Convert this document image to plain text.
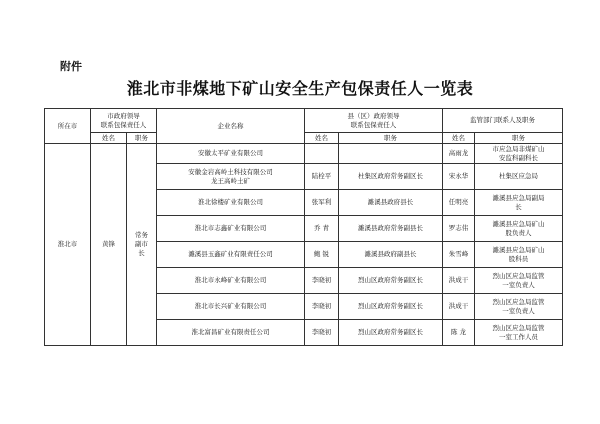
附件
淮北市非煤地下矿山安全生产包保责任人一览表
所在市	市政府领导
联系包保责任人		企业名称	县（区）政府领导
联系包保责任人		监管部门联系人及职务	
	姓名	职务		姓名	职务	姓名	职务
淮北市	黄锋	常务副市长	安徽太平矿业有限公司			高雨龙	市应急局非煤矿山
安监科副科长

			安徽金岩高岭土科技有限公司
龙王高岭土矿	陆栓平	杜集区政府常务副区长	宋永华	杜集区应急局

			淮北徐楼矿业有限公司	张军利	濉溪县政府县长	任明亮	濉溪县应急局副局
长

			淮北市志鑫矿业有限公司	乔 青	濉溪县政府常务副县长	罗志伟	濉溪县应急局矿山
股负责人

			濉溪县玉鑫矿业有限责任公司	鲍 锐	濉溪县政府副县长	朱雪峰	濉溪县应急局矿山
股科员

			淮北市永峰矿业有限公司	李晓初	烈山区政府常务副区长	洪成干	烈山区应急局监管
一室负责人

			淮北市长兴矿业有限公司	李晓初	烈山区政府常务副区长	洪成干	烈山区应急局监管
一室负责人

			淮北富昌矿业有限责任公司	李晓初	烈山区政府常务副区长	陈 龙	烈山区应急局监管
一室工作人员
